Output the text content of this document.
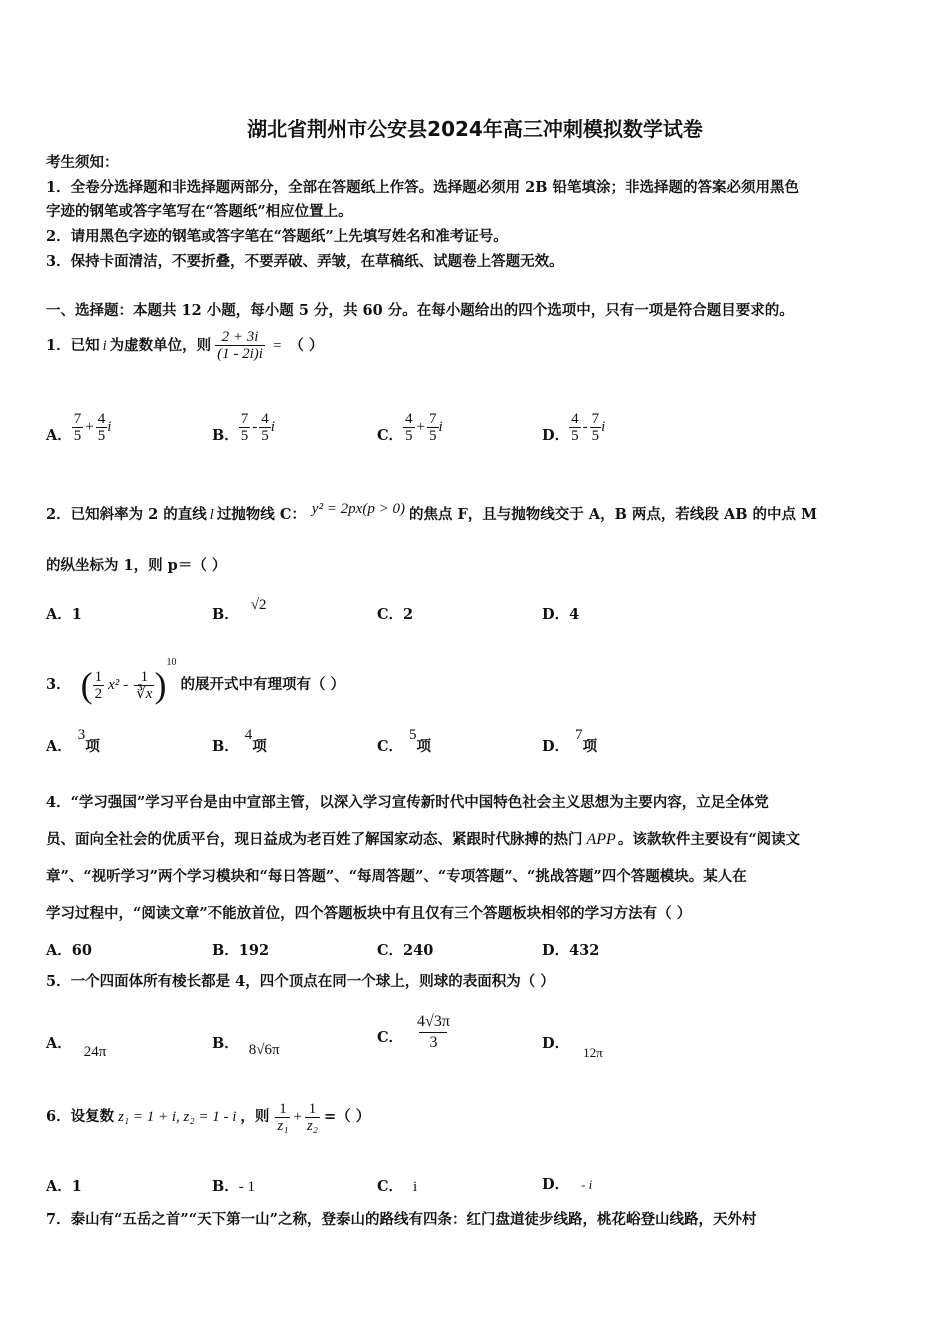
湖北省荆州市公安县2024年高三冲刺模拟数学试卷
考生须知：
1．全卷分选择题和非选择题两部分，全部在答题纸上作答。选择题必须用 2B 铅笔填涂；非选择题的答案必须用黑色
字迹的钢笔或答字笔写在“答题纸”相应位置上。
2．请用黑色字迹的钢笔或答字笔在“答题纸”上先填写姓名和准考证号。
3．保持卡面清洁，不要折叠，不要弄破、弄皱，在草稿纸、试题卷上答题无效。
一、选择题：本题共 12 小题，每小题 5 分，共 60 分。在每小题给出的四个选项中，只有一项是符合题目要求的。
1．已知 i 为虚数单位，则 $\frac{2 + 3i}{(1 - 2i)i}$ = （ ）
A． $\frac{7}{5} + \frac{4}{5}$ i	B． $\frac{7}{5} - \frac{4}{5}$ i	C． $\frac{4}{5} + \frac{7}{5}$ i	D． $\frac{4}{5} - \frac{7}{5}$ i
2．已知斜率为 2 的直线 l 过抛物线 C： y² = 2px(p > 0) 的焦点 F，且与抛物线交于 A，B 两点，若线段 AB 的中点 M
的纵坐标为 1，则 p＝（ ）
A．1	B．√2
C．2	D．4
3． ( $\frac{1}{2} x^2 - \frac{1}{∛x}$ )
10
的展开式中有理项有（ ）
A．
3
项	B．
4
项	C．
5
项	D．
7
项
4．“学习强国”学习平台是由中宣部主管，以深入学习宣传新时代中国特色社会主义思想为主要内容，立足全体党
员、面向全社会的优质平台，现日益成为老百姓了解国家动态、紧跟时代脉搏的热门 APP 。该款软件主要设有“阅读文
章”、“视听学习”两个学习模块和“每日答题”、“每周答题”、“专项答题”、“挑战答题”四个答题模块。某人在
学习过程中，“阅读文章”不能放首位，四个答题板块中有且仅有三个答题板块相邻的学习方法有（ ）
A．60	B．192	C．240	D．432
5．一个四面体所有棱长都是 4，四个顶点在同一个球上，则球的表面积为（ ）
A． 24π	B． 8√6π
C． $\frac{4√3\pi}{3}$	D．
12π
6．设复数 z₁ = 1 + i, z₂ = 1 - i ，则 $\frac{1}{\text{z₁}} + \frac{1}{\text{z₂}}$ =（ ）
A．1	B．- 1	C． i	D． - i
7．泰山有“五岳之首”“天下第一山”之称，登泰山的路线有四条：红门盘道徒步线路，桃花峪登山线路，天外村
